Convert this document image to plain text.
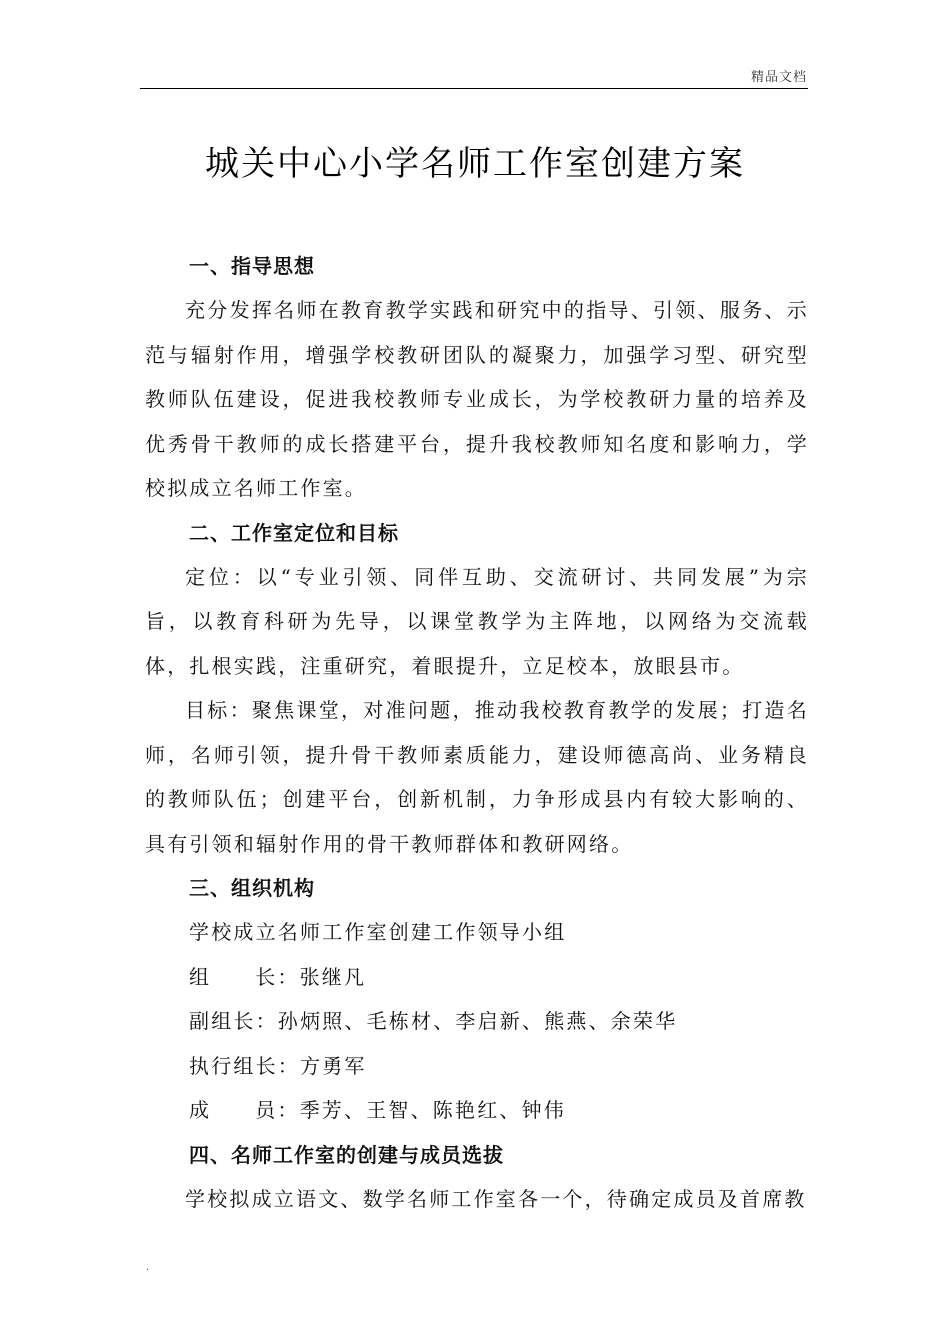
精品文档
城关中心小学名师工作室创建方案
一、指导思想

充分发挥名师在教育教学实践和研究中的指导、引领、服务、示范与辐射作用，增强学校教研团队的凝聚力，加强学习型、研究型教师队伍建设，促进我校教师专业成长，为学校教研力量的培养及优秀骨干教师的成长搭建平台，提升我校教师知名度和影响力，学校拟成立名师工作室。

二、工作室定位和目标

定位：以“专业引领、同伴互助、交流研讨、共同发展”为宗旨，以教育科研为先导，以课堂教学为主阵地，以网络为交流载体，扎根实践，注重研究，着眼提升，立足校本，放眼县市。

目标：聚焦课堂，对准问题，推动我校教育教学的发展；打造名师，名师引领，提升骨干教师素质能力，建设师德高尚、业务精良的教师队伍；创建平台，创新机制，力争形成县内有较大影响的、具有引领和辐射作用的骨干教师群体和教研网络。

三、组织机构

学校成立名师工作室创建工作领导小组

组 长：张继凡

副组长：孙炳照、毛栋材、李启新、熊燕、余荣华

执行组长：方勇军

成 员：季芳、王智、陈艳红、钟伟

四、名师工作室的创建与成员选拔

学校拟成立语文、数学名师工作室各一个，待确定成员及首席教

.
